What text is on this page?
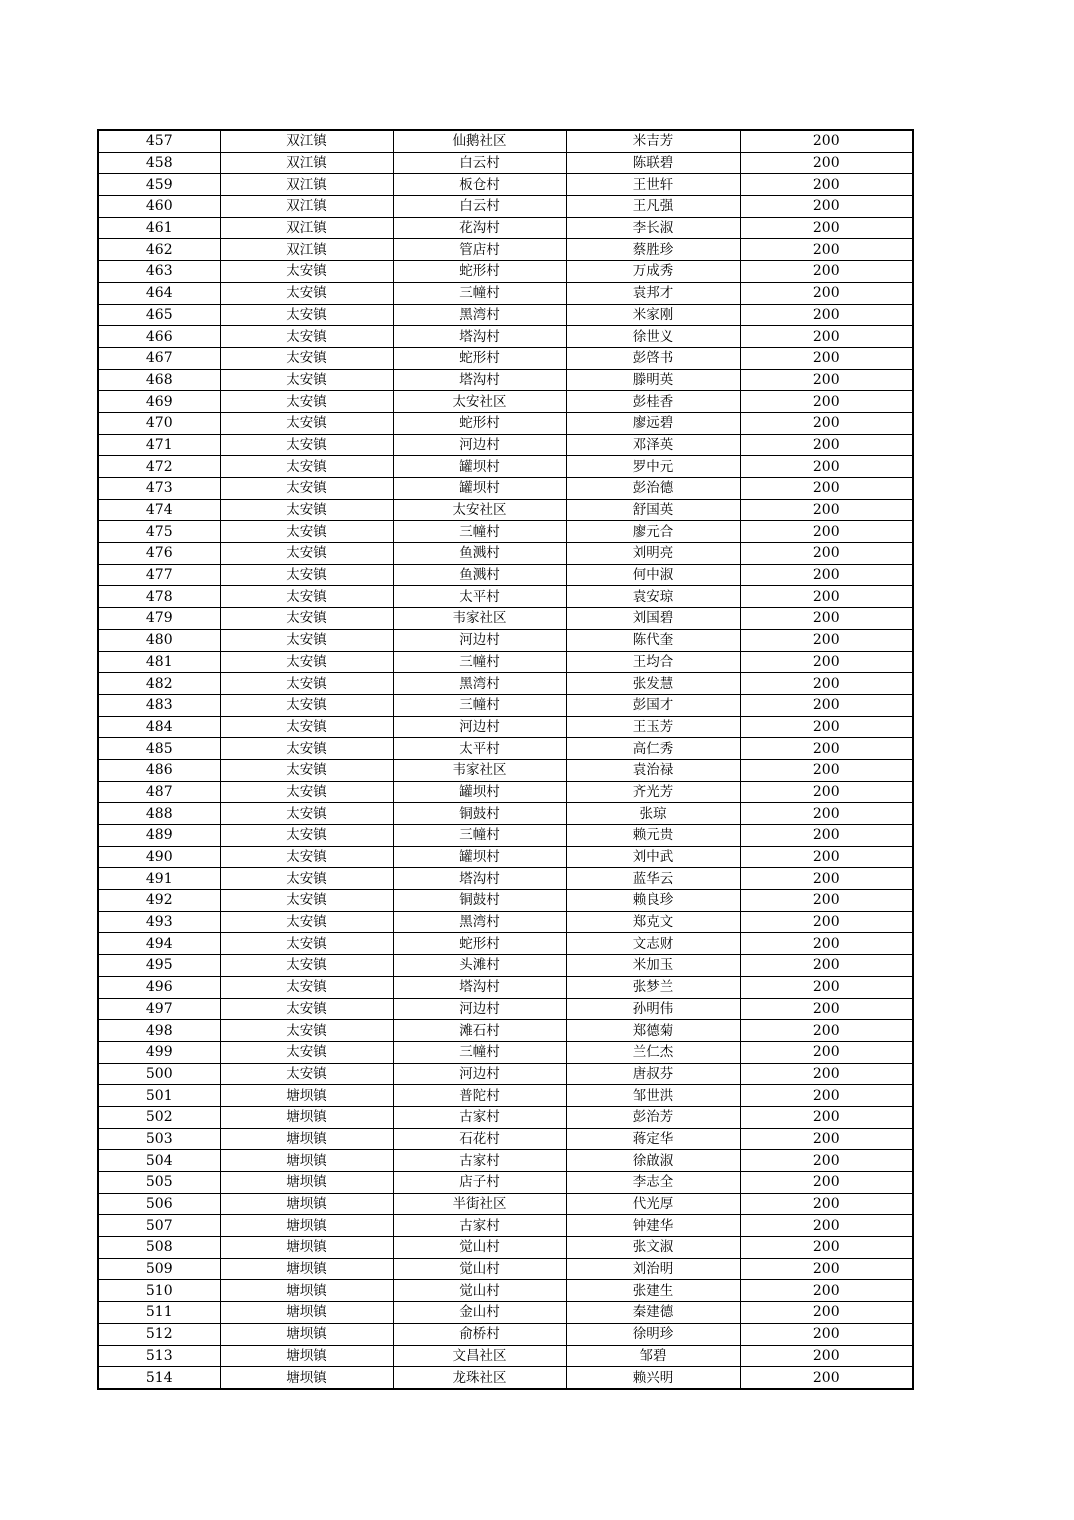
457	双江镇	仙鹅社区	米吉芳	200
458	双江镇	白云村	陈联碧	200
459	双江镇	板仓村	王世轩	200
460	双江镇	白云村	王凡强	200
461	双江镇	花沟村	李长淑	200
462	双江镇	管店村	蔡胜珍	200
463	太安镇	蛇形村	万成秀	200
464	太安镇	三幢村	袁邦才	200
465	太安镇	黑湾村	米家刚	200
466	太安镇	塔沟村	徐世义	200
467	太安镇	蛇形村	彭啓书	200
468	太安镇	塔沟村	滕明英	200
469	太安镇	太安社区	彭桂香	200
470	太安镇	蛇形村	廖远碧	200
471	太安镇	河边村	邓泽英	200
472	太安镇	罐坝村	罗中元	200
473	太安镇	罐坝村	彭治德	200
474	太安镇	太安社区	舒国英	200
475	太安镇	三幢村	廖元合	200
476	太安镇	鱼溅村	刘明亮	200
477	太安镇	鱼溅村	何中淑	200
478	太安镇	太平村	袁安琼	200
479	太安镇	韦家社区	刘国碧	200
480	太安镇	河边村	陈代奎	200
481	太安镇	三幢村	王均合	200
482	太安镇	黑湾村	张发慧	200
483	太安镇	三幢村	彭国才	200
484	太安镇	河边村	王玉芳	200
485	太安镇	太平村	高仁秀	200
486	太安镇	韦家社区	袁治禄	200
487	太安镇	罐坝村	齐光芳	200
488	太安镇	铜鼓村	张琼	200
489	太安镇	三幢村	赖元贵	200
490	太安镇	罐坝村	刘中武	200
491	太安镇	塔沟村	蓝华云	200
492	太安镇	铜鼓村	赖良珍	200
493	太安镇	黑湾村	郑克文	200
494	太安镇	蛇形村	文志财	200
495	太安镇	头滩村	米加玉	200
496	太安镇	塔沟村	张梦兰	200
497	太安镇	河边村	孙明伟	200
498	太安镇	滩石村	郑德菊	200
499	太安镇	三幢村	兰仁杰	200
500	太安镇	河边村	唐叔芬	200
501	塘坝镇	普陀村	邹世洪	200
502	塘坝镇	古家村	彭治芳	200
503	塘坝镇	石花村	蒋定华	200
504	塘坝镇	古家村	徐啟淑	200
505	塘坝镇	店子村	李志全	200
506	塘坝镇	半街社区	代光厚	200
507	塘坝镇	古家村	钟建华	200
508	塘坝镇	觉山村	张文淑	200
509	塘坝镇	觉山村	刘治明	200
510	塘坝镇	觉山村	张建生	200
511	塘坝镇	金山村	秦建德	200
512	塘坝镇	俞桥村	徐明珍	200
513	塘坝镇	文昌社区	邹碧	200
514	塘坝镇	龙珠社区	赖兴明	200
